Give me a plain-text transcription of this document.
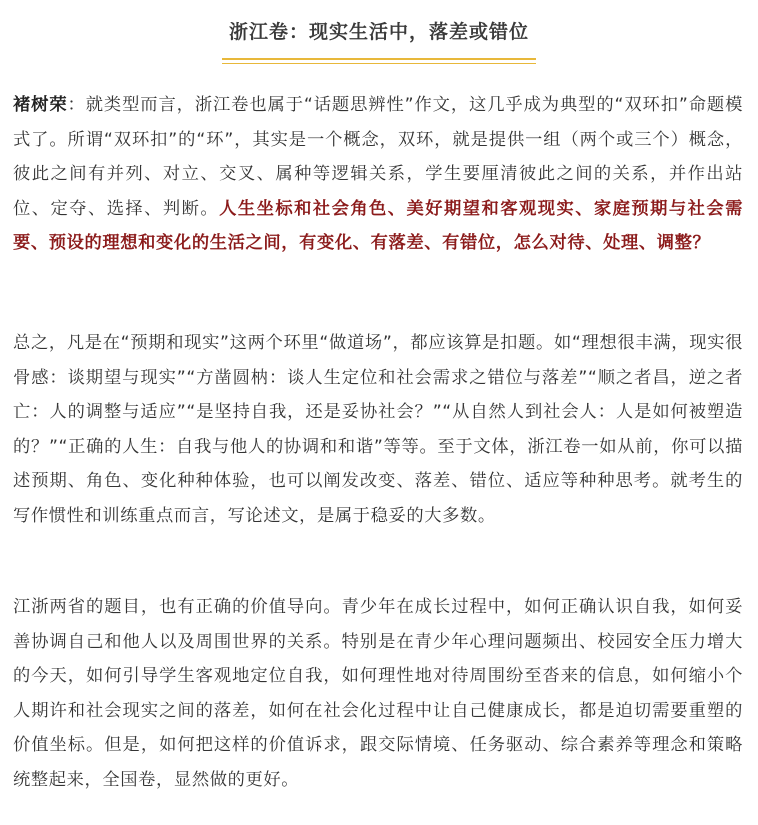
浙江卷：现实生活中，落差或错位

褚树荣：就类型而言，浙江卷也属于“话题思辨性”作文，这几乎成为典型的“双环扣”命题模式了。所谓“双环扣”的“环”，其实是一个概念，双环，就是提供一组（两个或三个）概念，彼此之间有并列、对立、交叉、属种等逻辑关系，学生要厘清彼此之间的关系，并作出站位、定夺、选择、判断。人生坐标和社会角色、美好期望和客观现实、家庭预期与社会需要、预设的理想和变化的生活之间，有变化、有落差、有错位，怎么对待、处理、调整？

总之，凡是在“预期和现实”这两个环里“做道场”，都应该算是扣题。如“理想很丰满，现实很骨感：谈期望与现实”“方凿圆枘：谈人生定位和社会需求之错位与落差”“顺之者昌，逆之者亡：人的调整与适应”“是坚持自我，还是妥协社会？”“从自然人到社会人：人是如何被塑造的？”“正确的人生：自我与他人的协调和和谐”等等。至于文体，浙江卷一如从前，你可以描述预期、角色、变化种种体验，也可以阐发改变、落差、错位、适应等种种思考。就考生的写作惯性和训练重点而言，写论述文，是属于稳妥的大多数。

江浙两省的题目，也有正确的价值导向。青少年在成长过程中，如何正确认识自我，如何妥善协调自己和他人以及周围世界的关系。特别是在青少年心理问题频出、校园安全压力增大的今天，如何引导学生客观地定位自我，如何理性地对待周围纷至沓来的信息，如何缩小个人期许和社会现实之间的落差，如何在社会化过程中让自己健康成长，都是迫切需要重塑的价值坐标。但是，如何把这样的价值诉求，跟交际情境、任务驱动、综合素养等理念和策略统整起来，全国卷，显然做的更好。
